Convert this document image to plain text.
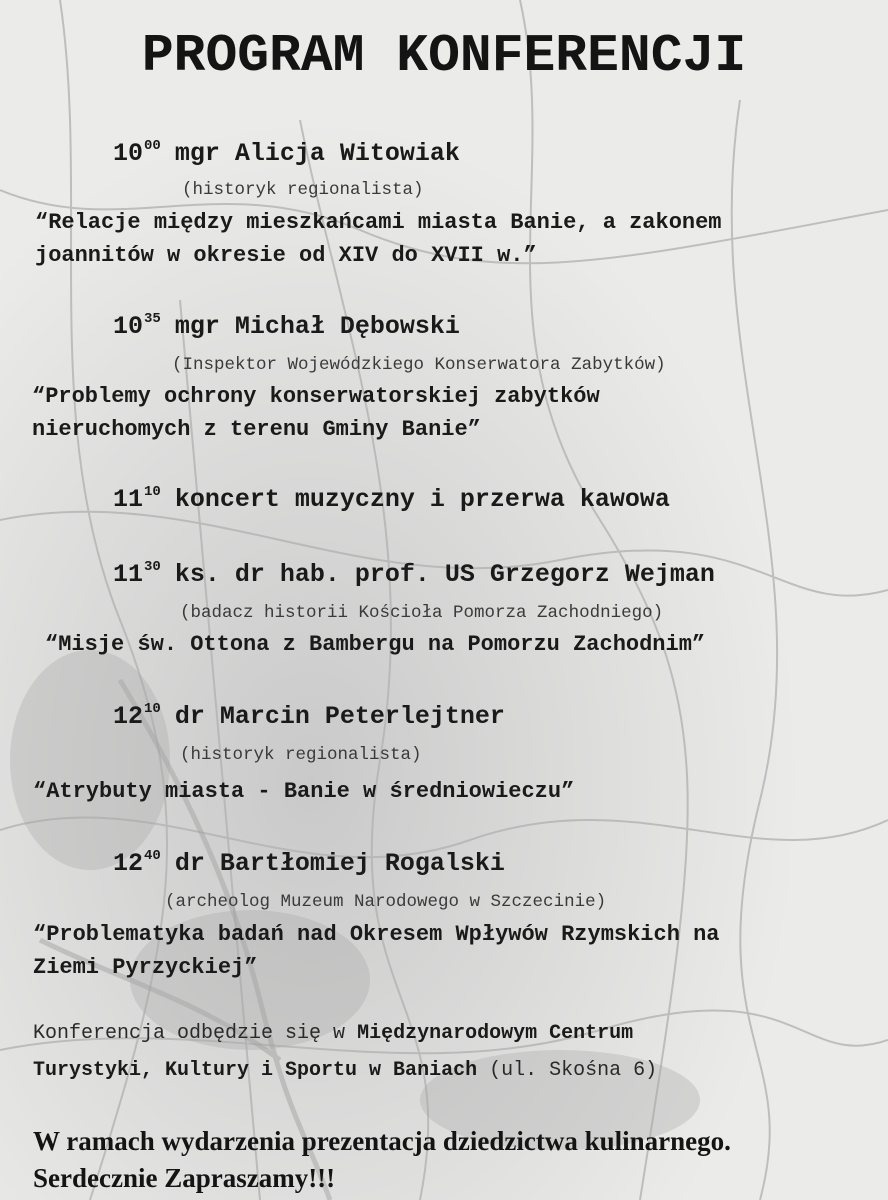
PROGRAM KONFERENCJI
$10^{00}$ mgr Alicja Witowiak
(historyk regionalista)
“Relacje między mieszkańcami miasta Banie, a zakonem
joannitów w okresie od XIV do XVII w.”
$10^{35}$ mgr Michał Dębowski
(Inspektor Wojewódzkiego Konserwatora Zabytków)
“Problemy ochrony konserwatorskiej zabytków
nieruchomych z terenu Gminy Banie”
$11^{10}$ koncert muzyczny i przerwa kawowa
$11^{30}$ ks. dr hab. prof. US Grzegorz Wejman
(badacz historii Kościoła Pomorza Zachodniego)
“Misje św. Ottona z Bambergu na Pomorzu Zachodnim”
$12^{10}$ dr Marcin Peterlejtner
(historyk regionalista)
“Atrybuty miasta - Banie w średniowieczu”
$12^{40}$ dr Bartłomiej Rogalski
(archeolog Muzeum Narodowego w Szczecinie)
“Problematyka badań nad Okresem Wpływów Rzymskich na
Ziemi Pyrzyckiej”
Konferencja odbędzie się w Międzynarodowym Centrum
Turystyki, Kultury i Sportu w Baniach (ul. Skośna 6)
W ramach wydarzenia prezentacja dziedzictwa kulinarnego.
Serdecznie Zapraszamy!!!
